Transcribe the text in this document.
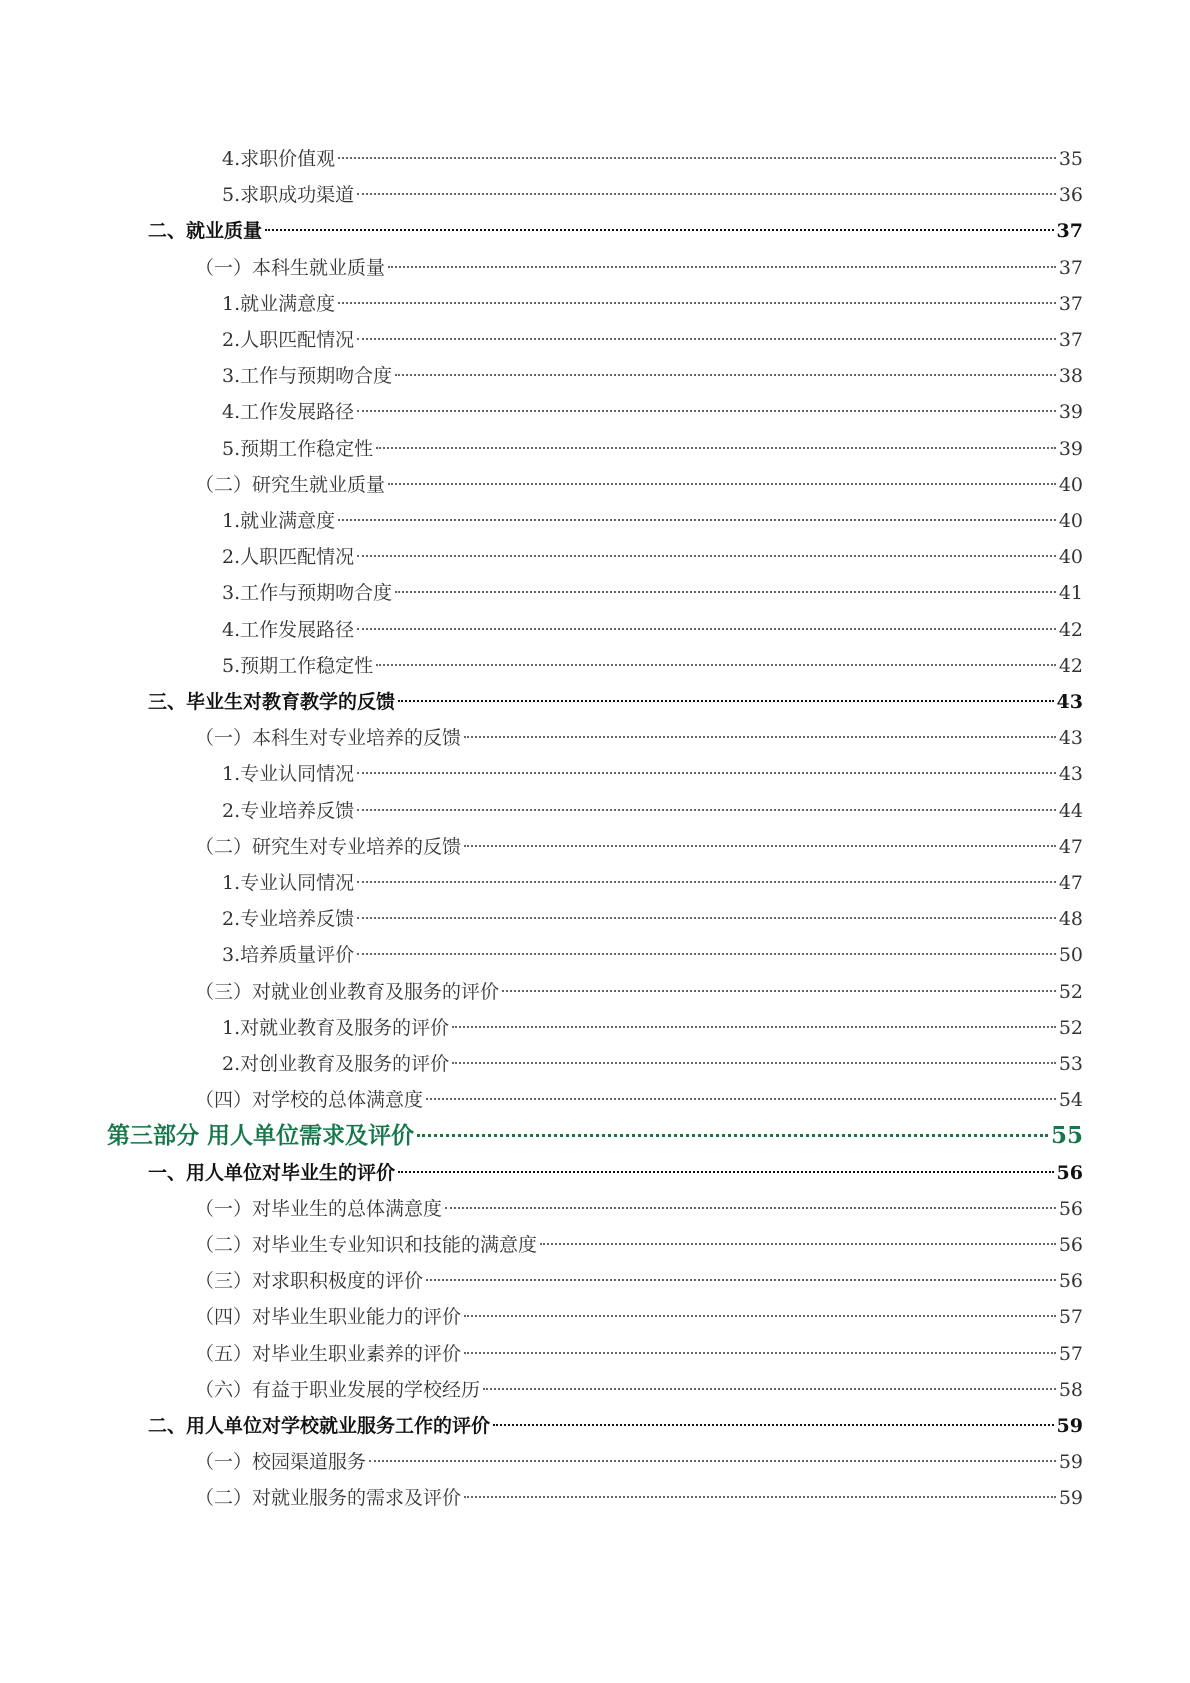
4.求职价值观	35
5.求职成功渠道	36
二、就业质量	37
（一）本科生就业质量	37
1.就业满意度	37
2.人职匹配情况	37
3.工作与预期吻合度	38
4.工作发展路径	39
5.预期工作稳定性	39
（二）研究生就业质量	40
1.就业满意度	40
2.人职匹配情况	40
3.工作与预期吻合度	41
4.工作发展路径	42
5.预期工作稳定性	42
三、毕业生对教育教学的反馈	43
（一）本科生对专业培养的反馈	43
1.专业认同情况	43
2.专业培养反馈	44
（二）研究生对专业培养的反馈	47
1.专业认同情况	47
2.专业培养反馈	48
3.培养质量评价	50
（三）对就业创业教育及服务的评价	52
1.对就业教育及服务的评价	52
2.对创业教育及服务的评价	53
（四）对学校的总体满意度	54
第三部分 用人单位需求及评价	55
一、用人单位对毕业生的评价	56
（一）对毕业生的总体满意度	56
（二）对毕业生专业知识和技能的满意度	56
（三）对求职积极度的评价	56
（四）对毕业生职业能力的评价	57
（五）对毕业生职业素养的评价	57
（六）有益于职业发展的学校经历	58
二、用人单位对学校就业服务工作的评价	59
（一）校园渠道服务	59
（二）对就业服务的需求及评价	59
